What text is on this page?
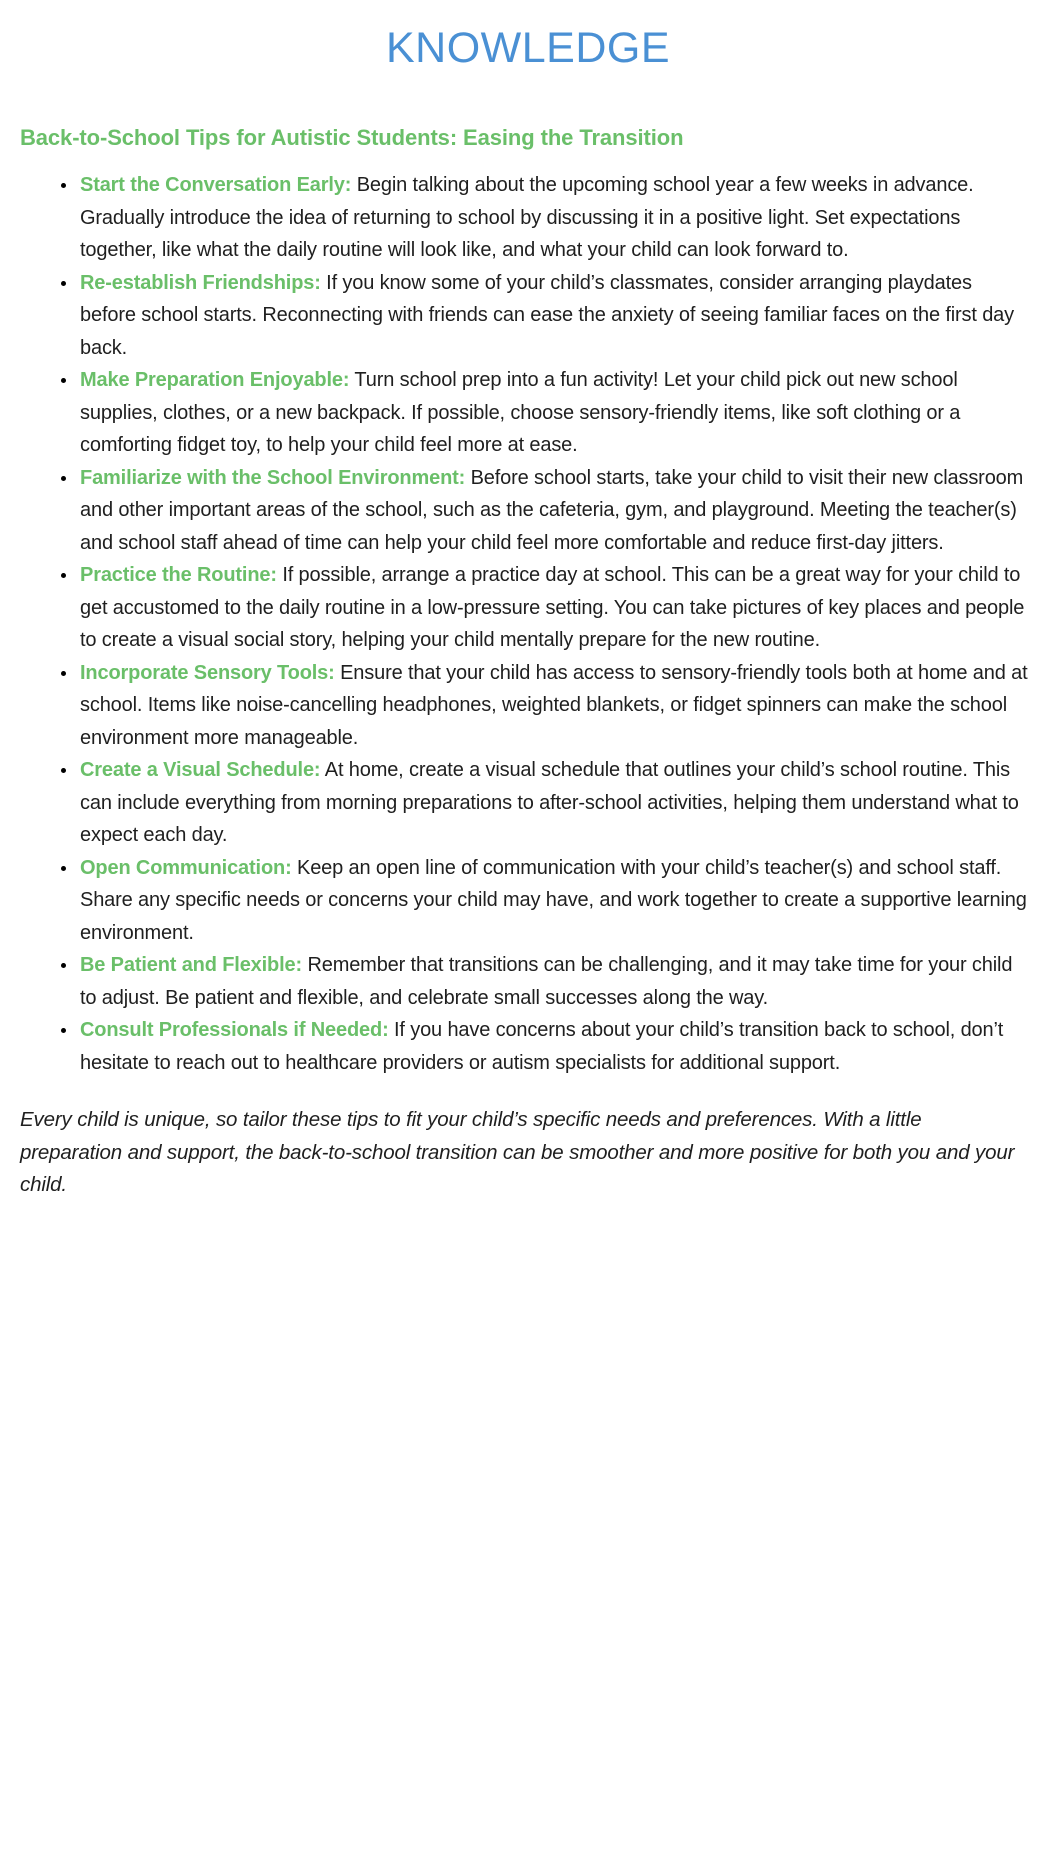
KNOWLEDGE
Back-to-School Tips for Autistic Students: Easing the Transition
• Start the Conversation Early: Begin talking about the upcoming school year a few weeks in advance. Gradually introduce the idea of returning to school by discussing it in a positive light. Set expectations together, like what the daily routine will look like, and what your child can look forward to.
• Re-establish Friendships: If you know some of your child’s classmates, consider arranging playdates before school starts. Reconnecting with friends can ease the anxiety of seeing familiar faces on the first day back.
• Make Preparation Enjoyable: Turn school prep into a fun activity! Let your child pick out new school supplies, clothes, or a new backpack. If possible, choose sensory-friendly items, like soft clothing or a comforting fidget toy, to help your child feel more at ease.
• Familiarize with the School Environment: Before school starts, take your child to visit their new classroom and other important areas of the school, such as the cafeteria, gym, and playground. Meeting the teacher(s) and school staff ahead of time can help your child feel more comfortable and reduce first-day jitters.
• Practice the Routine: If possible, arrange a practice day at school. This can be a great way for your child to get accustomed to the daily routine in a low-pressure setting. You can take pictures of key places and people to create a visual social story, helping your child mentally prepare for the new routine.
• Incorporate Sensory Tools: Ensure that your child has access to sensory-friendly tools both at home and at school. Items like noise-cancelling headphones, weighted blankets, or fidget spinners can make the school environment more manageable.
• Create a Visual Schedule: At home, create a visual schedule that outlines your child’s school routine. This can include everything from morning preparations to after-school activities, helping them understand what to expect each day.
• Open Communication: Keep an open line of communication with your child’s teacher(s) and school staff. Share any specific needs or concerns your child may have, and work together to create a supportive learning environment.
• Be Patient and Flexible: Remember that transitions can be challenging, and it may take time for your child to adjust. Be patient and flexible, and celebrate small successes along the way.
• Consult Professionals if Needed: If you have concerns about your child’s transition back to school, don’t hesitate to reach out to healthcare providers or autism specialists for additional support.

Every child is unique, so tailor these tips to fit your child’s specific needs and preferences. With a little preparation and support, the back-to-school transition can be smoother and more positive for both you and your child.
